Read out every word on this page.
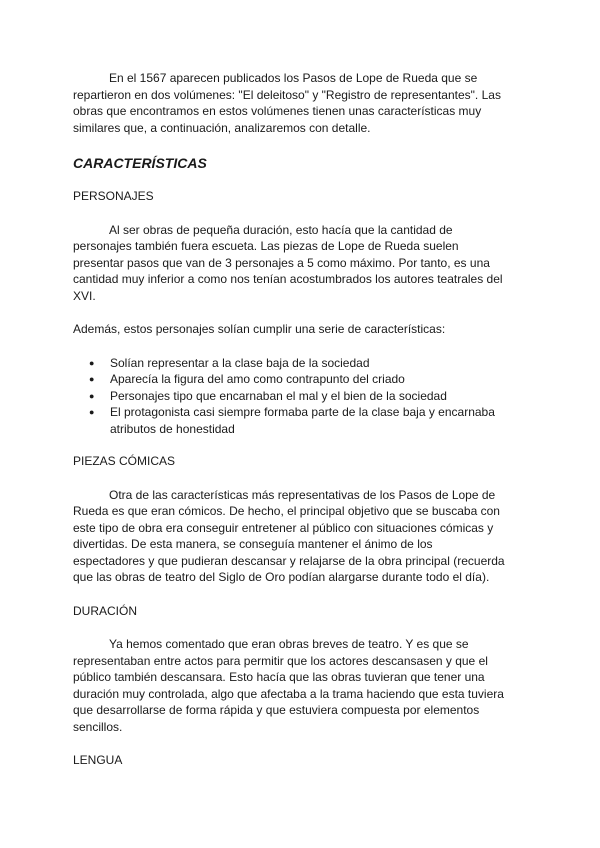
En el 1567 aparecen publicados los Pasos de Lope de Rueda que se repartieron en dos volúmenes: "El deleitoso" y "Registro de representantes". Las obras que encontramos en estos volúmenes tienen unas características muy similares que, a continuación, analizaremos con detalle.

CARACTERÍSTICAS

PERSONAJES

Al ser obras de pequeña duración, esto hacía que la cantidad de personajes también fuera escueta. Las piezas de Lope de Rueda suelen presentar pasos que van de 3 personajes a 5 como máximo. Por tanto, es una cantidad muy inferior a como nos tenían acostumbrados los autores teatrales del XVI.

Además, estos personajes solían cumplir una serie de características:

● Solían representar a la clase baja de la sociedad
● Aparecía la figura del amo como contrapunto del criado
● Personajes tipo que encarnaban el mal y el bien de la sociedad
● El protagonista casi siempre formaba parte de la clase baja y encarnaba atributos de honestidad

PIEZAS CÓMICAS

Otra de las características más representativas de los Pasos de Lope de Rueda es que eran cómicos. De hecho, el principal objetivo que se buscaba con este tipo de obra era conseguir entretener al público con situaciones cómicas y divertidas. De esta manera, se conseguía mantener el ánimo de los espectadores y que pudieran descansar y relajarse de la obra principal (recuerda que las obras de teatro del Siglo de Oro podían alargarse durante todo el día).

DURACIÓN

Ya hemos comentado que eran obras breves de teatro. Y es que se representaban entre actos para permitir que los actores descansasen y que el público también descansara. Esto hacía que las obras tuvieran que tener una duración muy controlada, algo que afectaba a la trama haciendo que esta tuviera que desarrollarse de forma rápida y que estuviera compuesta por elementos sencillos.

LENGUA
